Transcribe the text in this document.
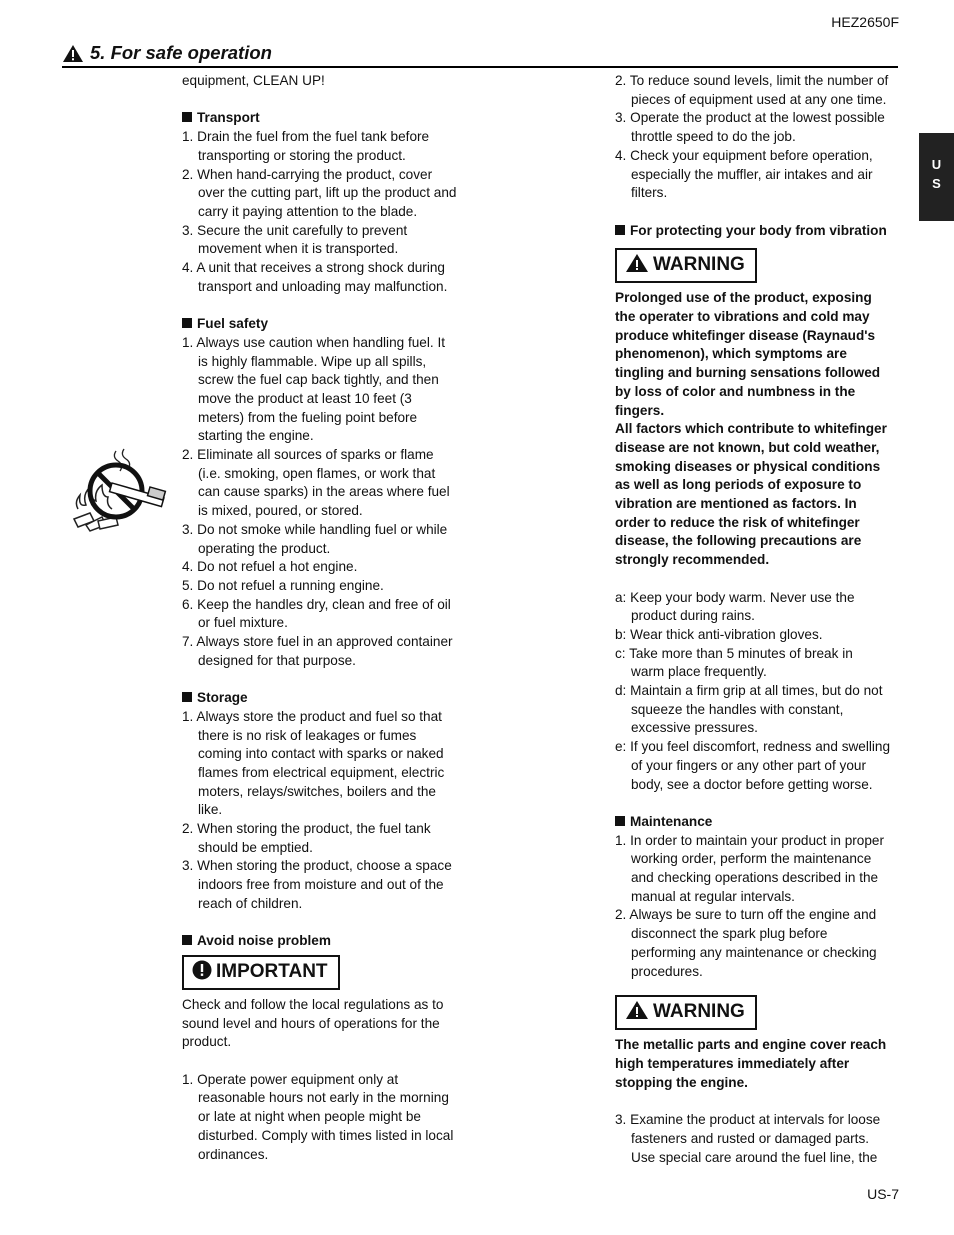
HEZ2650F
5. For safe operation
U
S

equipment, CLEAN UP!

Transport

1. Drain the fuel from the fuel tank before
transporting or storing the product.

2. When hand-carrying the product, cover
over the cutting part, lift up the product and
carry it paying attention to the blade.

3. Secure the unit carefully to prevent
movement when it is transported.

4. A unit that receives a strong shock during
transport and unloading may malfunction.

Fuel safety

1. Always use caution when handling fuel. It
is highly flammable. Wipe up all spills,
screw the fuel cap back tightly, and then
move the product at least 10 feet (3
meters) from the fueling point before
starting the engine.

2. Eliminate all sources of sparks or flame
(i.e. smoking, open flames, or work that
can cause sparks) in the areas where fuel
is mixed, poured, or stored.

3. Do not smoke while handling fuel or while
operating the product.

4. Do not refuel a hot engine.

5. Do not refuel a running engine.

6. Keep the handles dry, clean and free of oil
or fuel mixture.

7. Always store fuel in an approved container
designed for that purpose.

Storage

1. Always store the product and fuel so that
there is no risk of leakages or fumes
coming into contact with sparks or naked
flames from electrical equipment, electric
moters, relays/switches, boilers and the
like.

2. When storing the product, the fuel tank
should be emptied.

3. When storing the product, choose a space
indoors free from moisture and out of the
reach of children.

Avoid noise problem

IMPORTANT

Check and follow the local regulations as to
sound level and hours of operations for the
product.

1. Operate power equipment only at
reasonable hours not early in the morning
or late at night when people might be
disturbed. Comply with times listed in local
ordinances.

2. To reduce sound levels, limit the number of
pieces of equipment used at any one time.

3. Operate the product at the lowest possible
throttle speed to do the job.

4. Check your equipment before operation,
especially the muffler, air intakes and air
filters.

For protecting your body from vibration

WARNING

Prolonged use of the product, exposing
the operater to vibrations and cold may
produce whitefinger disease (Raynaud's
phenomenon), which symptoms are
tingling and burning sensations followed
by loss of color and numbness in the
fingers.
All factors which contribute to whitefinger
disease are not known, but cold weather,
smoking diseases or physical conditions
as well as long periods of exposure to
vibration are mentioned as factors. In
order to reduce the risk of whitefinger
disease, the following precautions are
strongly recommended.

a: Keep your body warm. Never use the
product during rains.

b: Wear thick anti-vibration gloves.

c: Take more than 5 minutes of break in
warm place frequently.

d: Maintain a firm grip at all times, but do not
squeeze the handles with constant,
excessive pressures.

e: If you feel discomfort, redness and swelling
of your fingers or any other part of your
body, see a doctor before getting worse.

Maintenance

1. In order to maintain your product in proper
working order, perform the maintenance
and checking operations described in the
manual at regular intervals.

2. Always be sure to turn off the engine and
disconnect the spark plug before
performing any maintenance or checking
procedures.

WARNING

The metallic parts and engine cover reach
high temperatures immediately after
stopping the engine.

3. Examine the product at intervals for loose
fasteners and rusted or damaged parts.
Use special care around the fuel line, the

US-7
